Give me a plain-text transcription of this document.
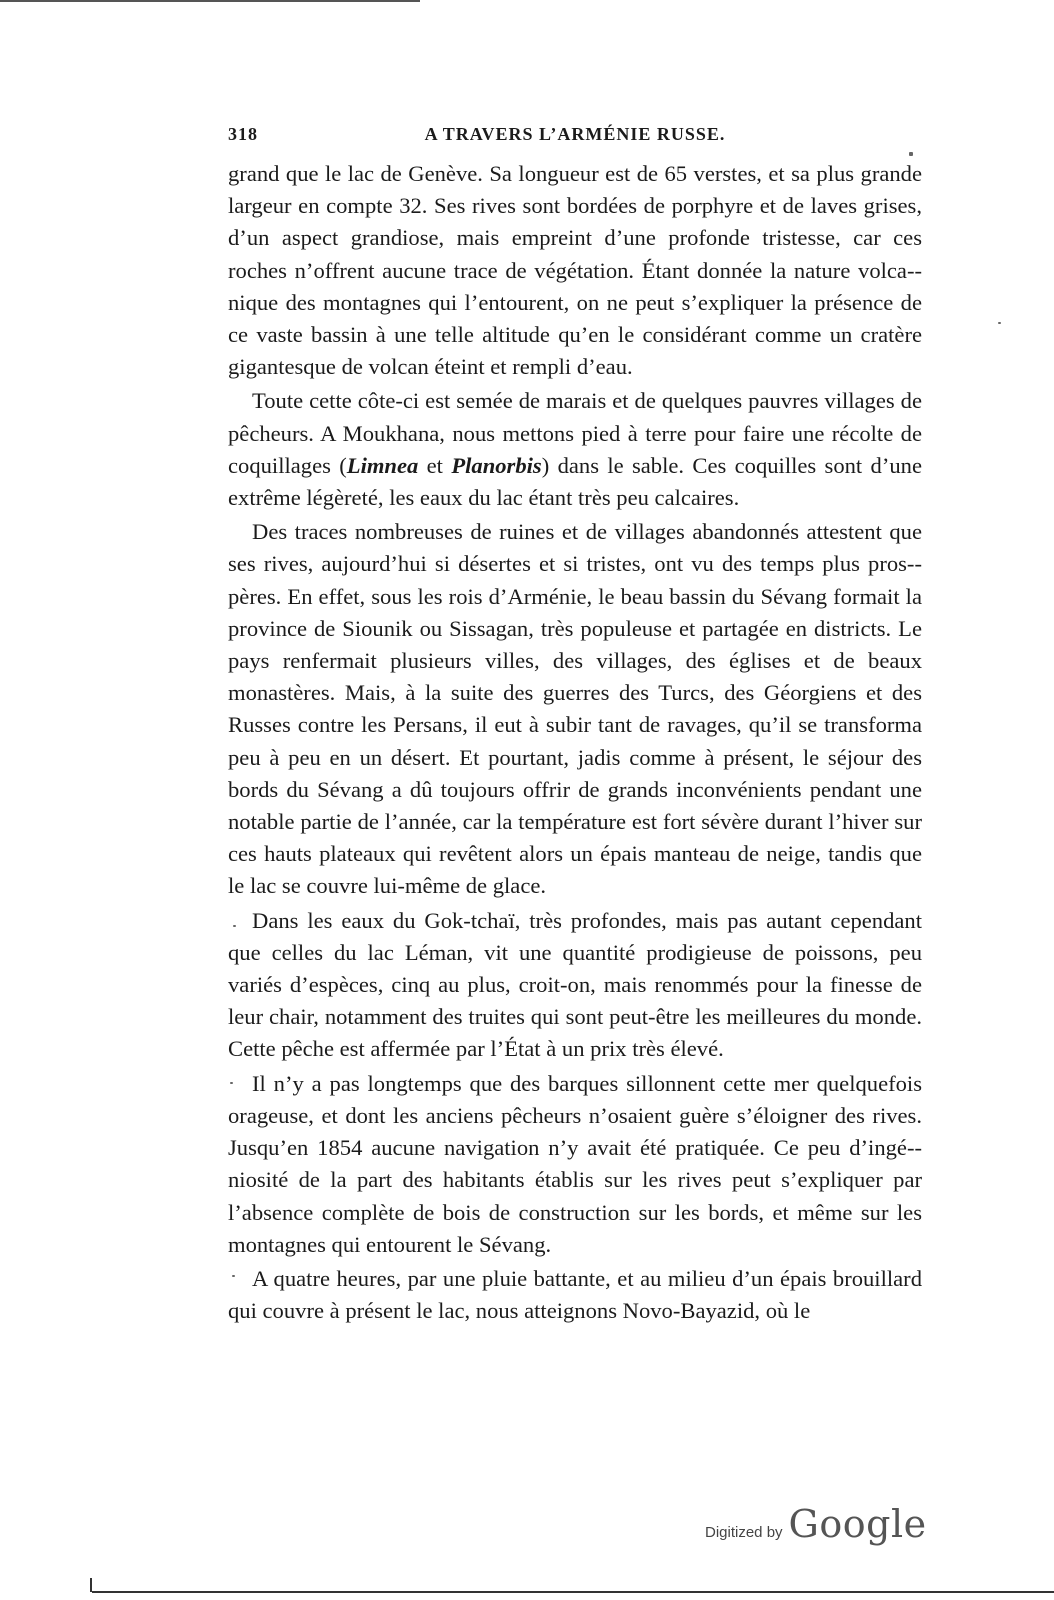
318	A TRAVERS L’ARMÉNIE RUSSE.

grand que le lac de Genève. Sa longueur est de 65 verstes, et sa plus grande largeur en compte 32. Ses rives sont bordées de porphyre et de laves grises, d’un aspect grandiose, mais empreint d’une profonde tristesse, car ces roches n’offrent aucune trace de végétation. Étant donnée la nature volca-nique des montagnes qui l’entourent, on ne peut s’expliquer la présence de ce vaste bassin à une telle altitude qu’en le considérant comme un cratère gigantesque de volcan éteint et rempli d’eau.

Toute cette côte-ci est semée de marais et de quelques pauvres villages de pêcheurs. A Moukhana, nous mettons pied à terre pour faire une récolte de coquillages (Limnea et Planorbis) dans le sable. Ces coquilles sont d’une extrême légèreté, les eaux du lac étant très peu calcaires.

Des traces nombreuses de ruines et de villages abandonnés attestent que ses rives, aujourd’hui si désertes et si tristes, ont vu des temps plus pros-pères. En effet, sous les rois d’Arménie, le beau bassin du Sévang formait la province de Siounik ou Sissagan, très populeuse et partagée en districts. Le pays renfermait plusieurs villes, des villages, des églises et de beaux monastères. Mais, à la suite des guerres des Turcs, des Géorgiens et des Russes contre les Persans, il eut à subir tant de ravages, qu’il se transforma peu à peu en un désert. Et pourtant, jadis comme à présent, le séjour des bords du Sévang a dû toujours offrir de grands inconvénients pendant une notable partie de l’année, car la température est fort sévère durant l’hiver sur ces hauts plateaux qui revêtent alors un épais manteau de neige, tandis que le lac se couvre lui-même de glace.

Dans les eaux du Gok-tchaï, très profondes, mais pas autant cependant que celles du lac Léman, vit une quantité prodigieuse de poissons, peu variés d’espèces, cinq au plus, croit-on, mais renommés pour la finesse de leur chair, notamment des truites qui sont peut-être les meilleures du monde. Cette pêche est affermée par l’État à un prix très élevé.

Il n’y a pas longtemps que des barques sillonnent cette mer quelquefois orageuse, et dont les anciens pêcheurs n’osaient guère s’éloigner des rives. Jusqu’en 1854 aucune navigation n’y avait été pratiquée. Ce peu d’ingé-niosité de la part des habitants établis sur les rives peut s’expliquer par l’absence complète de bois de construction sur les bords, et même sur les montagnes qui entourent le Sévang.

A quatre heures, par une pluie battante, et au milieu d’un épais brouillard qui couvre à présent le lac, nous atteignons Novo-Bayazid, où le

Digitized by Google
